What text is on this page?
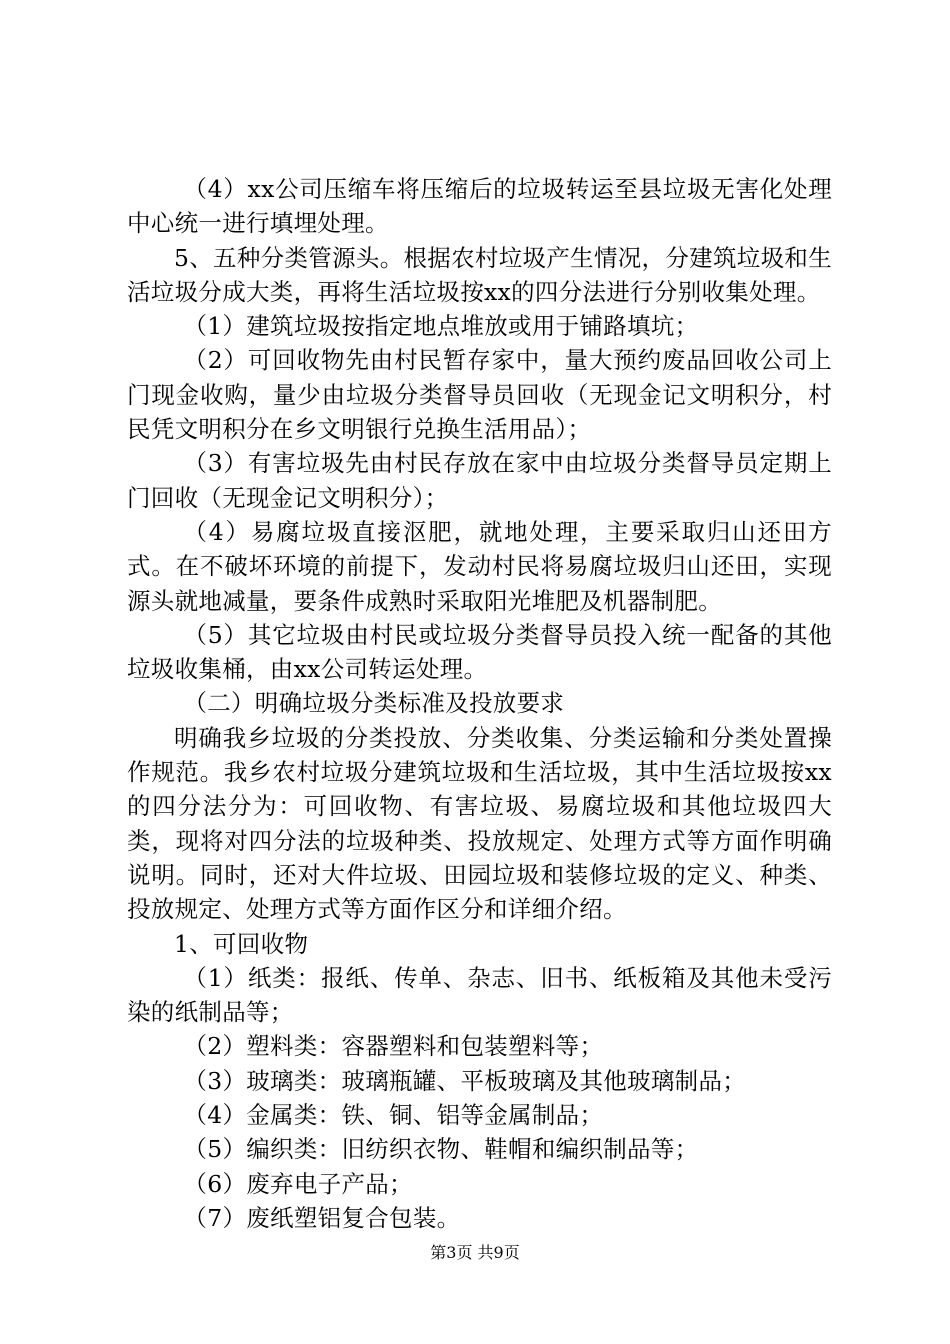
（4）xx公司压缩车将压缩后的垃圾转运至县垃圾无害化处理中心统一进行填埋处理。

5、五种分类管源头。根据农村垃圾产生情况，分建筑垃圾和生活垃圾分成大类，再将生活垃圾按xx的四分法进行分别收集处理。

（1）建筑垃圾按指定地点堆放或用于铺路填坑；

（2）可回收物先由村民暂存家中，量大预约废品回收公司上门现金收购，量少由垃圾分类督导员回收（无现金记文明积分，村民凭文明积分在乡文明银行兑换生活用品）；

（3）有害垃圾先由村民存放在家中由垃圾分类督导员定期上门回收（无现金记文明积分）；

（4）易腐垃圾直接沤肥，就地处理，主要采取归山还田方式。在不破坏环境的前提下，发动村民将易腐垃圾归山还田，实现源头就地减量，要条件成熟时采取阳光堆肥及机器制肥。

（5）其它垃圾由村民或垃圾分类督导员投入统一配备的其他垃圾收集桶，由xx公司转运处理。

（二）明确垃圾分类标准及投放要求

明确我乡垃圾的分类投放、分类收集、分类运输和分类处置操作规范。我乡农村垃圾分建筑垃圾和生活垃圾，其中生活垃圾按xx的四分法分为：可回收物、有害垃圾、易腐垃圾和其他垃圾四大类，现将对四分法的垃圾种类、投放规定、处理方式等方面作明确说明。同时，还对大件垃圾、田园垃圾和装修垃圾的定义、种类、投放规定、处理方式等方面作区分和详细介绍。

1、可回收物

（1）纸类：报纸、传单、杂志、旧书、纸板箱及其他未受污染的纸制品等；

（2）塑料类：容器塑料和包装塑料等；

（3）玻璃类：玻璃瓶罐、平板玻璃及其他玻璃制品；

（4）金属类：铁、铜、铝等金属制品；

（5）编织类：旧纺织衣物、鞋帽和编织制品等；

（6）废弃电子产品；

（7）废纸塑铝复合包装。

第3页 共9页
